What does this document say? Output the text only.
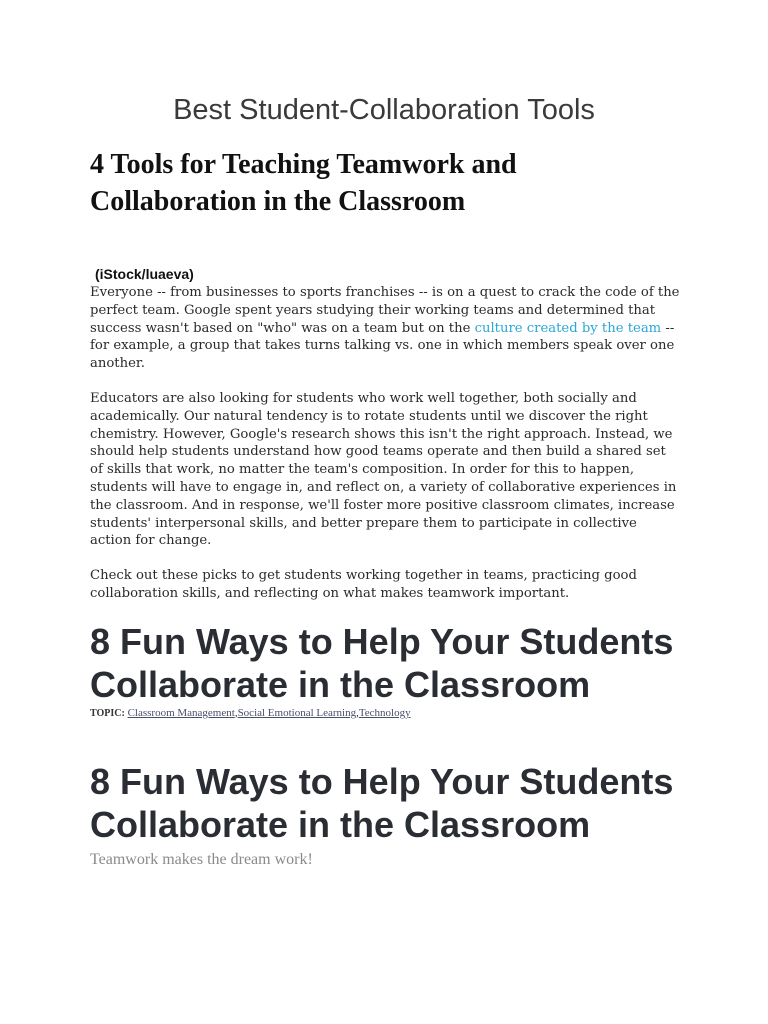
Best Student-Collaboration Tools
4 Tools for Teaching Teamwork and Collaboration in the Classroom

(iStock/luaeva)

Everyone -- from businesses to sports franchises -- is on a quest to crack the code of the perfect team. Google spent years studying their working teams and determined that success wasn't based on "who" was on a team but on the culture created by the team -- for example, a group that takes turns talking vs. one in which members speak over one another.

Educators are also looking for students who work well together, both socially and academically. Our natural tendency is to rotate students until we discover the right chemistry. However, Google's research shows this isn't the right approach. Instead, we should help students understand how good teams operate and then build a shared set of skills that work, no matter the team's composition. In order for this to happen, students will have to engage in, and reflect on, a variety of collaborative experiences in the classroom. And in response, we'll foster more positive classroom climates, increase students' interpersonal skills, and better prepare them to participate in collective action for change.

Check out these picks to get students working together in teams, practicing good collaboration skills, and reflecting on what makes teamwork important.

8 Fun Ways to Help Your Students Collaborate in the Classroom

TOPIC: Classroom Management,Social Emotional Learning,Technology

8 Fun Ways to Help Your Students Collaborate in the Classroom

Teamwork makes the dream work!
